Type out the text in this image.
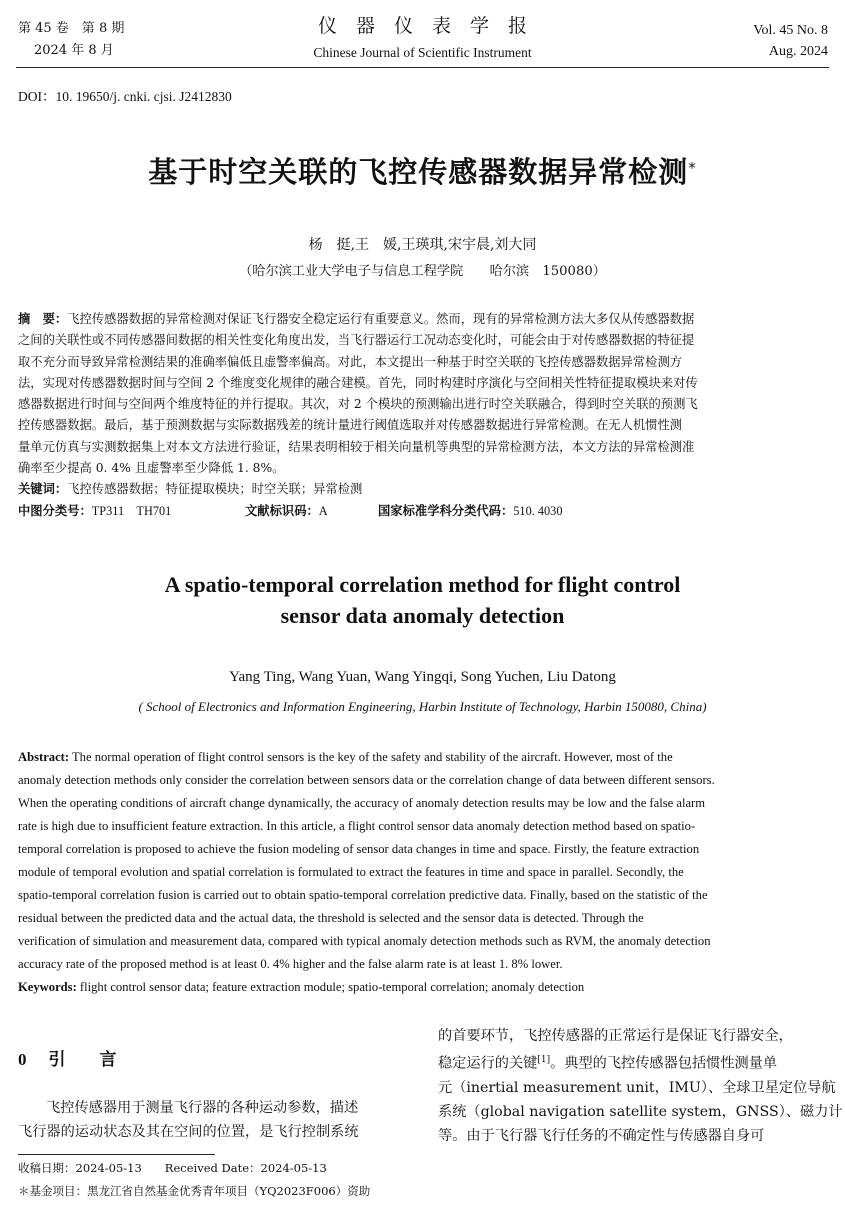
第 45 卷　第 8 期
2024 年 8 月
仪　器　仪　表　学　报
Chinese Journal of Scientific Instrument
Vol. 45 No. 8
Aug. 2024
DOI：10. 19650/j. cnki. cjsi. J2412830
基于时空关联的飞控传感器数据异常检测*
杨　挺,王　媛,王瑛琪,宋宇晨,刘大同
（哈尔滨工业大学电子与信息工程学院　　哈尔滨　150080）
摘　要：飞控传感器数据的异常检测对保证飞行器安全稳定运行有重要意义。然而，现有的异常检测方法大多仅从传感器数据
之间的关联性或不同传感器间数据的相关性变化角度出发，当飞行器运行工况动态变化时，可能会由于对传感器数据的特征提
取不充分而导致异常检测结果的准确率偏低且虚警率偏高。对此，本文提出一种基于时空关联的飞控传感器数据异常检测方
法，实现对传感器数据时间与空间 2 个维度变化规律的融合建模。首先，同时构建时序演化与空间相关性特征提取模块来对传
感器数据进行时间与空间两个维度特征的并行提取。其次，对 2 个模块的预测输出进行时空关联融合，得到时空关联的预测飞
控传感器数据。最后，基于预测数据与实际数据残差的统计量进行阈值选取并对传感器数据进行异常检测。在无人机惯性测
量单元仿真与实测数据集上对本文方法进行验证，结果表明相较于相关向量机等典型的异常检测方法，本文方法的异常检测准
确率至少提高 0. 4% 且虚警率至少降低 1. 8%。
关键词：飞控传感器数据；特征提取模块；时空关联；异常检测
中图分类号：TP311　TH701	文献标识码：A	国家标准学科分类代码：510. 4030
A spatio-temporal correlation method for flight control
sensor data anomaly detection
Yang Ting, Wang Yuan, Wang Yingqi, Song Yuchen, Liu Datong
( School of Electronics and Information Engineering, Harbin Institute of Technology, Harbin 150080, China)
Abstract: The normal operation of flight control sensors is the key of the safety and stability of the aircraft. However, most of the
anomaly detection methods only consider the correlation between sensors data or the correlation change of data between different sensors.
When the operating conditions of aircraft change dynamically, the accuracy of anomaly detection results may be low and the false alarm
rate is high due to insufficient feature extraction. In this article, a flight control sensor data anomaly detection method based on spatio-
temporal correlation is proposed to achieve the fusion modeling of sensor data changes in time and space. Firstly, the feature extraction
module of temporal evolution and spatial correlation is formulated to extract the features in time and space in parallel. Secondly, the
spatio-temporal correlation fusion is carried out to obtain spatio-temporal correlation predictive data. Finally, based on the statistic of the
residual between the predicted data and the actual data, the threshold is selected and the sensor data is detected. Through the
verification of simulation and measurement data, compared with typical anomaly detection methods such as RVM, the anomaly detection
accuracy rate of the proposed method is at least 0. 4% higher and the false alarm rate is at least 1. 8% lower.
Keywords: flight control sensor data; feature extraction module; spatio-temporal correlation; anomaly detection
0 引　　言
飞控传感器用于测量飞行器的各种运动参数，描述
飞行器的运动状态及其在空间的位置，是飞行控制系统
的首要环节，飞控传感器的正常运行是保证飞行器安全，
稳定运行的关键[1]。典型的飞控传感器包括惯性测量单
元（inertial measurement unit，IMU）、全球卫星定位导航
系统（global navigation satellite system，GNSS）、磁力计
等。由于飞行器飞行任务的不确定性与传感器自身可
收稿日期：2024-05-13　　Received Date：2024-05-13
＊基金项目：黑龙江省自然基金优秀青年项目（YQ2023F006）资助
